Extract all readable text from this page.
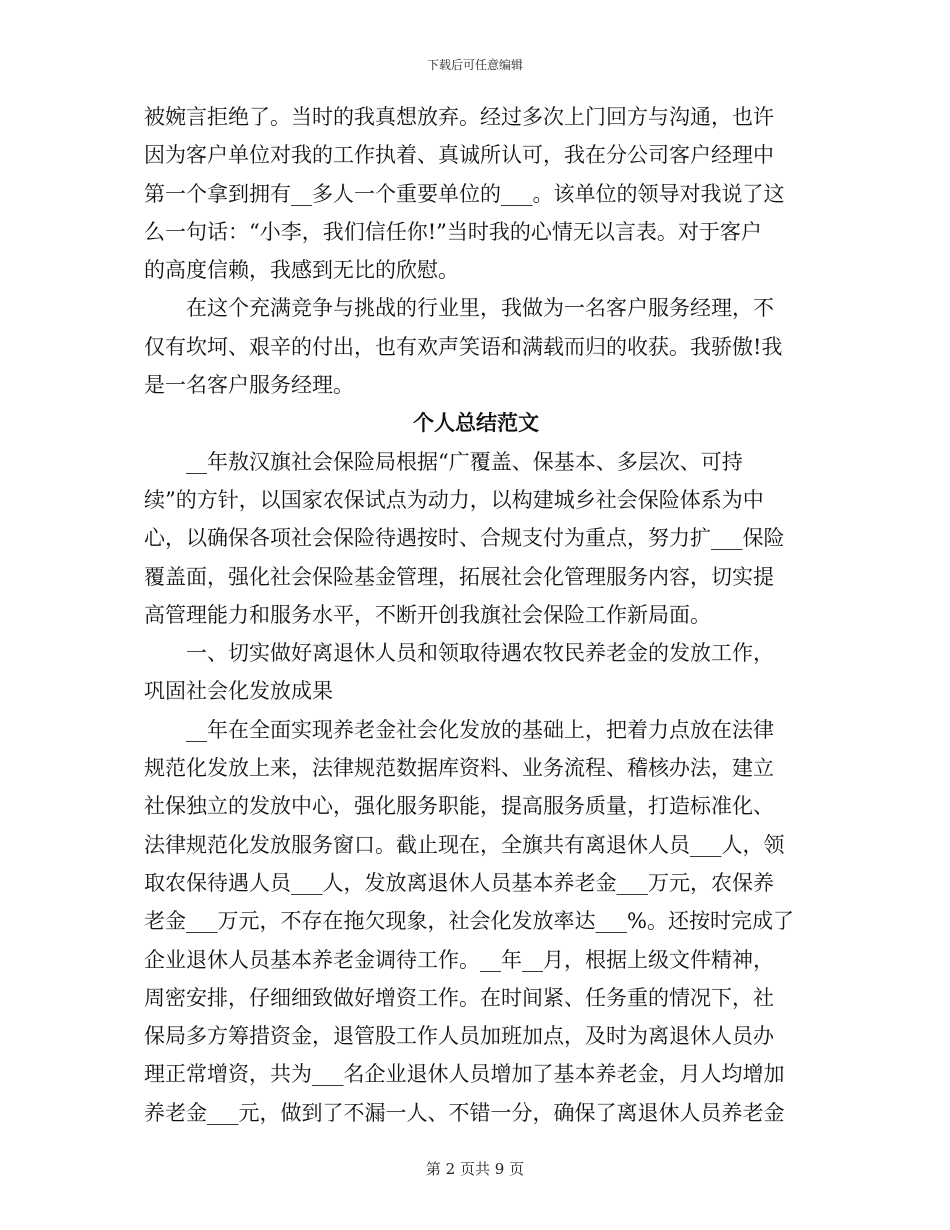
下载后可任意编辑
被婉言拒绝了。当时的我真想放弃。经过多次上门回方与沟通，也许
因为客户单位对我的工作执着、真诚所认可，我在分公司客户经理中
第一个拿到拥有__多人一个重要单位的___。该单位的领导对我说了这
么一句话：“小李，我们信任你!”当时我的心情无以言表。对于客户
的高度信赖，我感到无比的欣慰。
　　在这个充满竞争与挑战的行业里，我做为一名客户服务经理，不
仅有坎坷、艰辛的付出，也有欢声笑语和满载而归的收获。我骄傲!我
是一名客户服务经理。
个人总结范文
　　__年敖汉旗社会保险局根据“广覆盖、保基本、多层次、可持
续”的方针，以国家农保试点为动力，以构建城乡社会保险体系为中
心，以确保各项社会保险待遇按时、合规支付为重点，努力扩___保险
覆盖面，强化社会保险基金管理，拓展社会化管理服务内容，切实提
高管理能力和服务水平，不断开创我旗社会保险工作新局面。
　　一、切实做好离退休人员和领取待遇农牧民养老金的发放工作，
巩固社会化发放成果
　　__年在全面实现养老金社会化发放的基础上，把着力点放在法律
规范化发放上来，法律规范数据库资料、业务流程、稽核办法，建立
社保独立的发放中心，强化服务职能，提高服务质量，打造标准化、
法律规范化发放服务窗口。截止现在，全旗共有离退休人员___人，领
取农保待遇人员___人，发放离退休人员基本养老金___万元，农保养
老金___万元，不存在拖欠现象，社会化发放率达___%。还按时完成了
企业退休人员基本养老金调待工作。__年__月，根据上级文件精神，
周密安排，仔细细致做好增资工作。在时间紧、任务重的情况下，社
保局多方筹措资金，退管股工作人员加班加点，及时为离退休人员办
理正常增资，共为___名企业退休人员增加了基本养老金，月人均增加
养老金___元，做到了不漏一人、不错一分，确保了离退休人员养老金
第 2 页共 9 页
